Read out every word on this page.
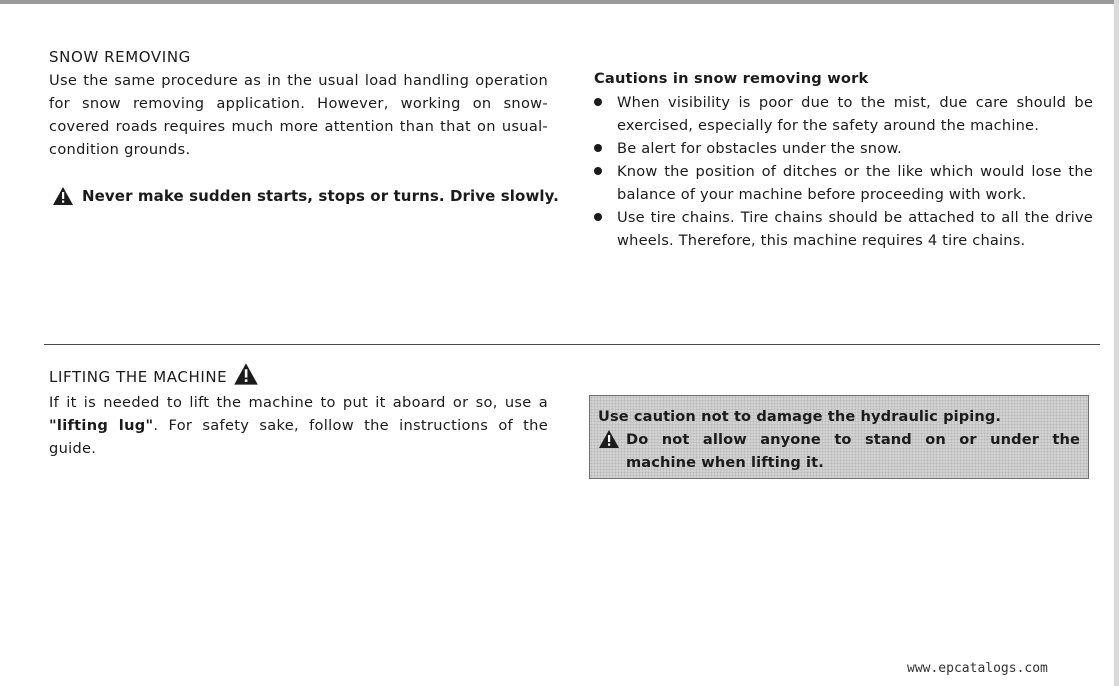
SNOW REMOVING
Use the same procedure as in the usual load handling operation for snow removing application. However, working on snow-covered roads requires much more attention than that on usual-condition grounds.
Never make sudden starts, stops or turns. Drive slowly.
Cautions in snow removing work
When visibility is poor due to the mist, due care should be exercised, especially for the safety around the machine.
Be alert for obstacles under the snow.
Know the position of ditches or the like which would lose the balance of your machine before proceeding with work.
Use tire chains. Tire chains should be attached to all the drive wheels. Therefore, this machine requires 4 tire chains.
LIFTING THE MACHINE
If it is needed to lift the machine to put it aboard or so, use a "lifting lug". For safety sake, follow the instructions of the guide.
Use caution not to damage the hydraulic piping.
Do not allow anyone to stand on or under the machine when lifting it.
www.epcatalogs.com
